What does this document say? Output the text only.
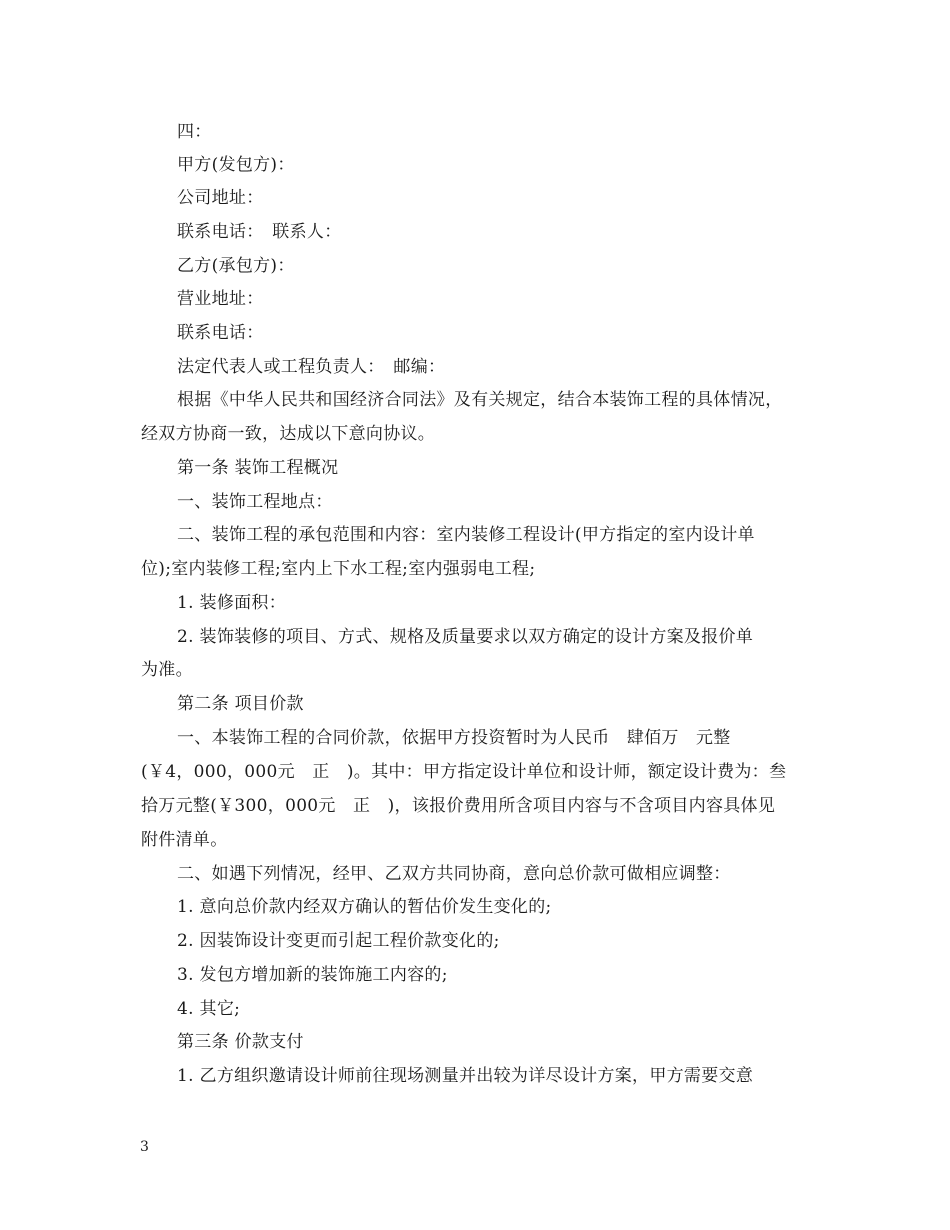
四：
甲方(发包方)：
公司地址：
联系电话：　联系人：
乙方(承包方)：
营业地址：
联系电话：
法定代表人或工程负责人：　邮编：
根据《中华人民共和国经济合同法》及有关规定，结合本装饰工程的具体情况，
经双方协商一致，达成以下意向协议。
第一条 装饰工程概况
一、装饰工程地点：
二、装饰工程的承包范围和内容：室内装修工程设计(甲方指定的室内设计单
位);室内装修工程;室内上下水工程;室内强弱电工程;
1. 装修面积：
2. 装饰装修的项目、方式、规格及质量要求以双方确定的设计方案及报价单
为准。
第二条 项目价款
一、本装饰工程的合同价款，依据甲方投资暂时为人民币　肆佰万　元整
(￥4，000，000元　正　)。其中：甲方指定设计单位和设计师，额定设计费为：叁
拾万元整(￥300，000元　正　)，该报价费用所含项目内容与不含项目内容具体见
附件清单。
二、如遇下列情况，经甲、乙双方共同协商，意向总价款可做相应调整：
1. 意向总价款内经双方确认的暂估价发生变化的;
2. 因装饰设计变更而引起工程价款变化的;
3. 发包方增加新的装饰施工内容的;
4. 其它;
第三条 价款支付
1. 乙方组织邀请设计师前往现场测量并出较为详尽设计方案，甲方需要交意
3
